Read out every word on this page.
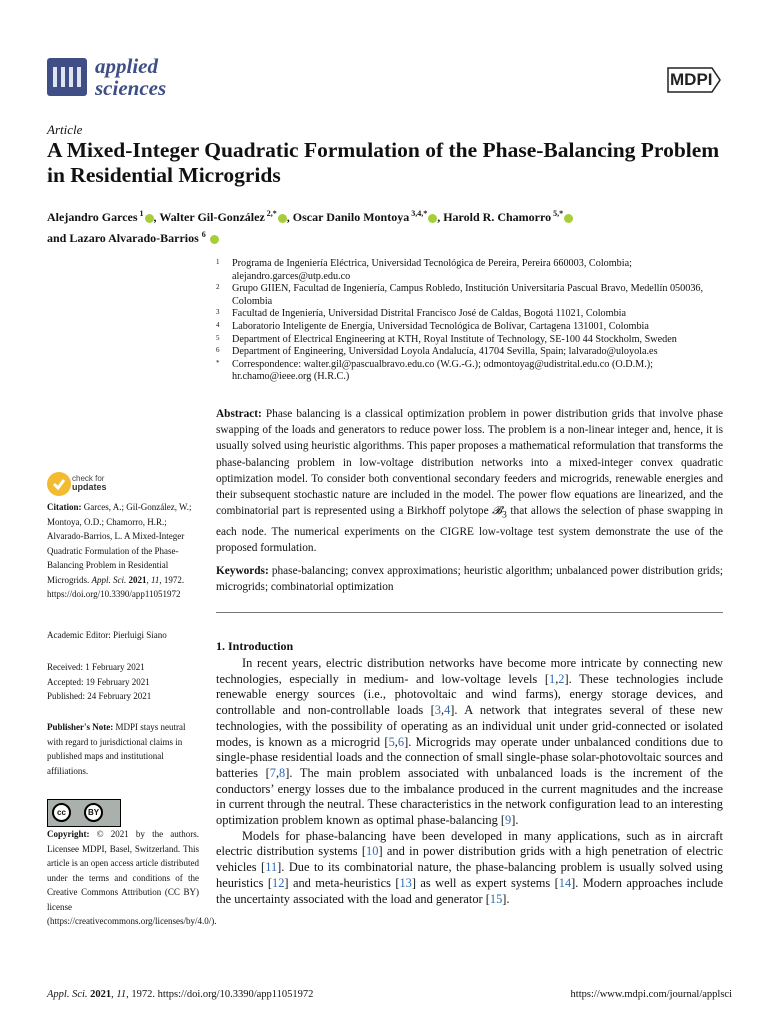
applied
sciences	MDPI
Article
A Mixed-Integer Quadratic Formulation of the Phase-Balancing Problem in Residential Microgrids
Alejandro Garces $^1$ , Walter Gil-González $^{2,*}$ , Oscar Danilo Montoya $^{3,4,*}$ , Harold R. Chamorro $^{5,*}$
and Lazaro Alvarado-Barrios $^6$
1 Programa de Ingeniería Eléctrica, Universidad Tecnológica de Pereira, Pereira 660003, Colombia; alejandro.garces@utp.edu.co
2 Grupo GIIEN, Facultad de Ingeniería, Campus Robledo, Institución Universitaria Pascual Bravo, Medellín 050036, Colombia
3 Facultad de Ingeniería, Universidad Distrital Francisco José de Caldas, Bogotá 11021, Colombia
4 Laboratorio Inteligente de Energía, Universidad Tecnológica de Bolívar, Cartagena 131001, Colombia
5 Department of Electrical Engineering at KTH, Royal Institute of Technology, SE-100 44 Stockholm, Sweden
6 Department of Engineering, Universidad Loyola Andalucía, 41704 Sevilla, Spain; lalvarado@uloyola.es
* Correspondence: walter.gil@pascualbravo.edu.co (W.G.-G.); odmontoyag@udistrital.edu.co (O.D.M.); hr.chamo@ieee.org (H.R.C.)
check for
updates
Citation: Garces, A.; Gil-González, W.; Montoya, O.D.; Chamorro, H.R.; Alvarado-Barrios, L. A Mixed-Integer Quadratic Formulation of the Phase-Balancing Problem in Residential Microgrids. Appl. Sci. 2021, 11, 1972. https://doi.org/10.3390/app11051972
Academic Editor: Pierluigi Siano
Received: 1 February 2021
Accepted: 19 February 2021
Published: 24 February 2021
Publisher's Note: MDPI stays neutral with regard to jurisdictional claims in published maps and institutional affiliations.
cc	BY
Copyright: © 2021 by the authors. Licensee MDPI, Basel, Switzerland. This article is an open access article distributed under the terms and conditions of the Creative Commons Attribution (CC BY) license (https://creativecommons.org/licenses/by/4.0/).
Abstract: Phase balancing is a classical optimization problem in power distribution grids that involve phase swapping of the loads and generators to reduce power loss. The problem is a non-linear integer and, hence, it is usually solved using heuristic algorithms. This paper proposes a mathematical reformulation that transforms the phase-balancing problem in low-voltage distribution networks into a mixed-integer convex quadratic optimization model. To consider both conventional secondary feeders and microgrids, renewable energies and their subsequent stochastic nature are included in the model. The power flow equations are linearized, and the combinatorial part is represented using a Birkhoff polytope 𝓑$_3$ that allows the selection of phase swapping in each node. The numerical experiments on the CIGRE low-voltage test system demonstrate the use of the proposed formulation.
Keywords: phase-balancing; convex approximations; heuristic algorithm; unbalanced power distribution grids; microgrids; combinatorial optimization
1. Introduction

In recent years, electric distribution networks have become more intricate by connecting new technologies, especially in medium- and low-voltage levels [1,2]. These technologies include renewable energy sources (i.e., photovoltaic and wind farms), energy storage devices, and controllable and non-controllable loads [3,4]. A network that integrates several of these new technologies, with the possibility of operating as an individual unit under grid-connected or isolated modes, is known as a microgrid [5,6]. Microgrids may operate under unbalanced conditions due to single-phase residential loads and the connection of small single-phase solar-photovoltaic sources and batteries [7,8]. The main problem associated with unbalanced loads is the increment of the conductors’ energy losses due to the imbalance produced in the current magnitudes and the increase in current through the neutral. These characteristics in the network configuration lead to an interesting optimization problem known as optimal phase-balancing [9].

Models for phase-balancing have been developed in many applications, such as in aircraft electric distribution systems [10] and in power distribution grids with a high penetration of electric vehicles [11]. Due to its combinatorial nature, the phase-balancing problem is usually solved using heuristics [12] and meta-heuristics [13] as well as expert systems [14]. Modern approaches include the uncertainty associated with the load and generator [15].

Appl. Sci. 2021, 11, 1972. https://doi.org/10.3390/app11051972	https://www.mdpi.com/journal/applsci
